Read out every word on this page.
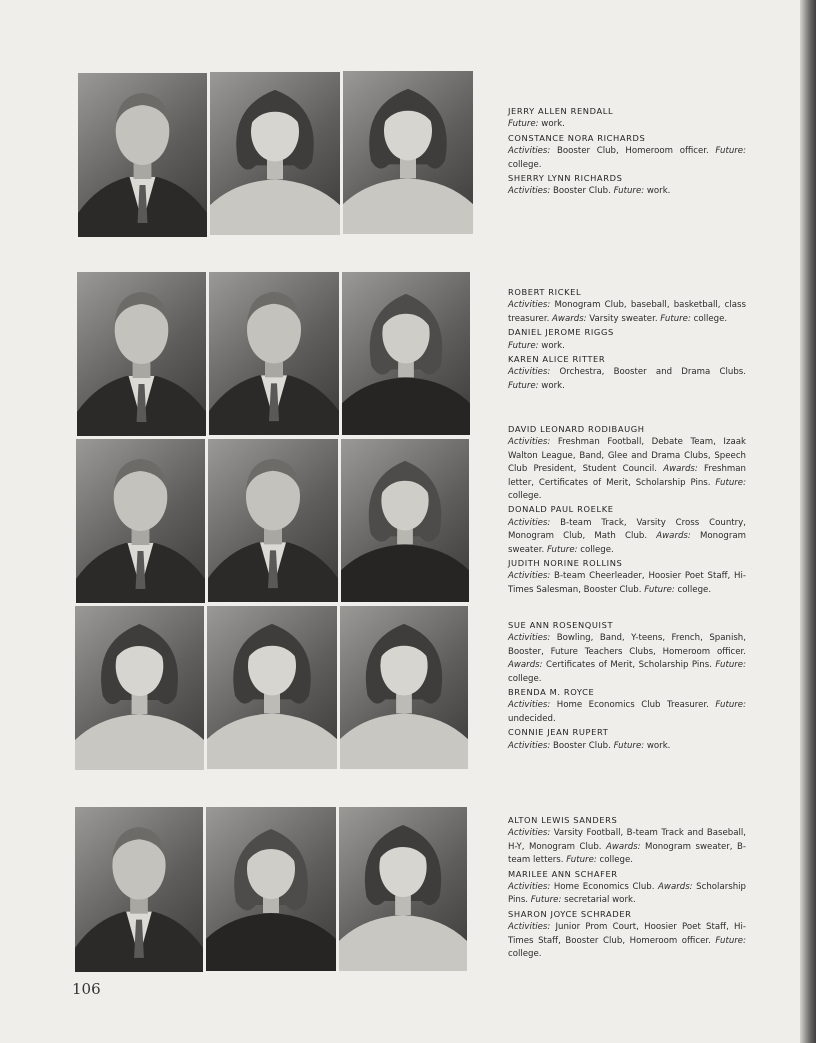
JERRY ALLEN RENDALL
Future: work.
CONSTANCE NORA RICHARDS
Activities: Booster Club, Homeroom officer. Future: college.
SHERRY LYNN RICHARDS
Activities: Booster Club. Future: work.
ROBERT RICKEL
Activities: Monogram Club, baseball, basketball, class treasurer. Awards: Varsity sweater. Future: college.
DANIEL JEROME RIGGS
Future: work.
KAREN ALICE RITTER
Activities: Orchestra, Booster and Drama Clubs. Future: work.
DAVID LEONARD RODIBAUGH
Activities: Freshman Football, Debate Team, Izaak Walton League, Band, Glee and Drama Clubs, Speech Club President, Student Council. Awards: Freshman letter, Certificates of Merit, Scholarship Pins. Future: college.
DONALD PAUL ROELKE
Activities: B-team Track, Varsity Cross Country, Monogram Club, Math Club. Awards: Monogram sweater. Future: college.
JUDITH NORINE ROLLINS
Activities: B-team Cheerleader, Hoosier Poet Staff, Hi-Times Salesman, Booster Club. Future: college.
SUE ANN ROSENQUIST
Activities: Bowling, Band, Y-teens, French, Spanish, Booster, Future Teachers Clubs, Homeroom officer. Awards: Certificates of Merit, Scholarship Pins. Future: college.
BRENDA M. ROYCE
Activities: Home Economics Club Treasurer. Future: undecided.
CONNIE JEAN RUPERT
Activities: Booster Club. Future: work.
ALTON LEWIS SANDERS
Activities: Varsity Football, B-team Track and Baseball, H-Y, Monogram Club. Awards: Monogram sweater, B-team letters. Future: college.
MARILEE ANN SCHAFER
Activities: Home Economics Club. Awards: Scholarship Pins. Future: secretarial work.
SHARON JOYCE SCHRADER
Activities: Junior Prom Court, Hoosier Poet Staff, Hi-Times Staff, Booster Club, Homeroom officer. Future: college.
106
